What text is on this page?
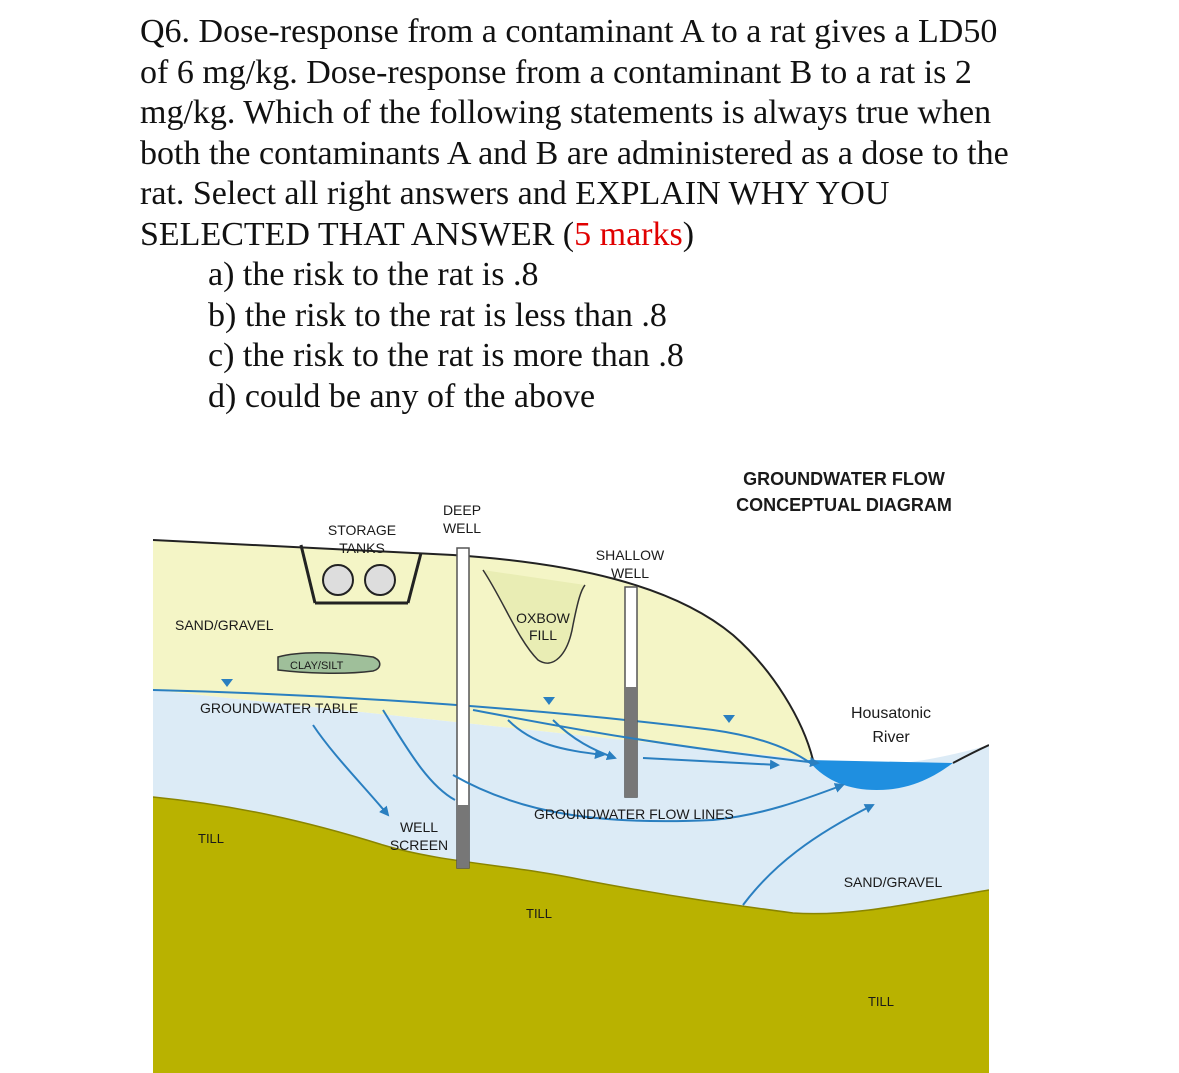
Q6. Dose-response from a contaminant A to a rat gives a LD50
of 6 mg/kg. Dose-response from a contaminant B to a rat is 2
mg/kg. Which of the following statements is always true when
both the contaminants A and B are administered as a dose to the
rat. Select all right answers and EXPLAIN WHY YOU
SELECTED THAT ANSWER (5 marks)
a) the risk to the rat is .8
b) the risk to the rat is less than .8
c) the risk to the rat is more than .8
d) could be any of the above
GROUNDWATER FLOW
CONCEPTUAL DIAGRAM
STORAGE
TANKS
DEEP
WELL
SHALLOW
WELL
OXBOW
FILL
SAND/GRAVEL
CLAY/SILT
GROUNDWATER TABLE	Housatonic
River
GROUNDWATER FLOW LINES
WELL
SCREEN
TILL
TILL
SAND/GRAVEL
TILL
